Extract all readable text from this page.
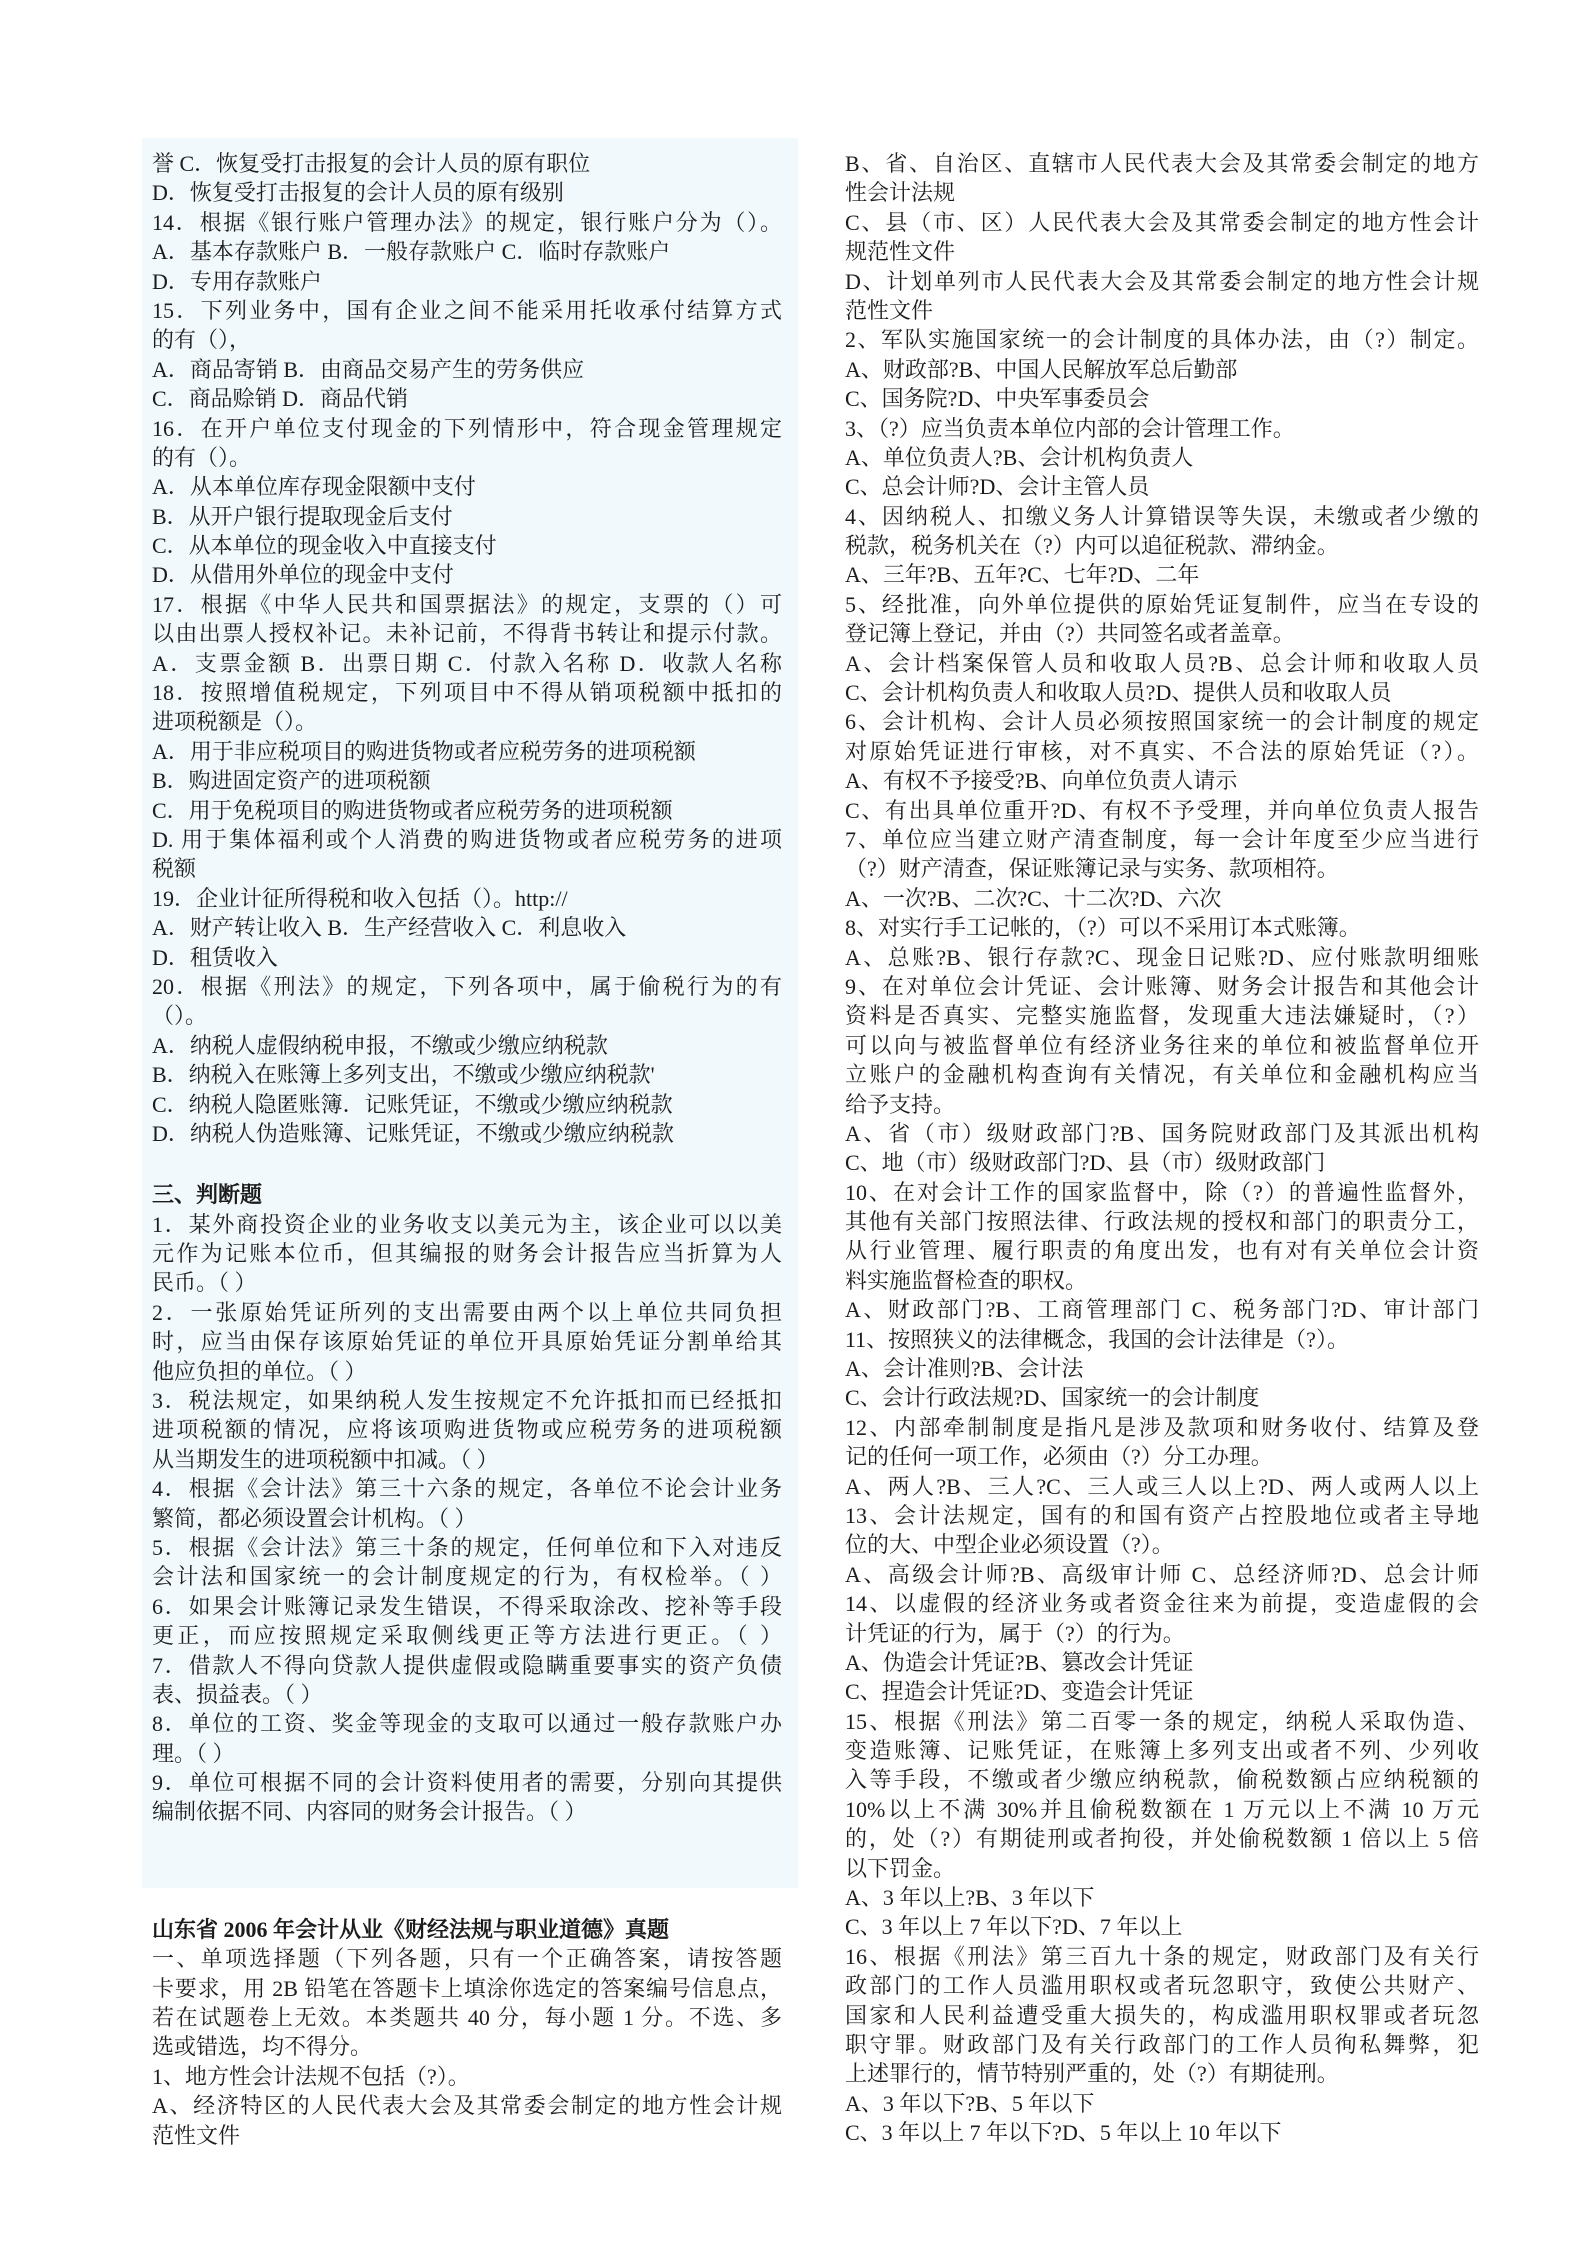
誉 C．恢复受打击报复的会计人员的原有职位
D．恢复受打击报复的会计人员的原有级别
14．根据《银行账户管理办法》的规定，银行账户分为（）。
A．基本存款账户 B．一般存款账户 C．临时存款账户
D．专用存款账户
15．下列业务中，国有企业之间不能采用托收承付结算方式
的有（），
A．商品寄销 B．由商品交易产生的劳务供应
C．商品赊销 D．商品代销
16．在开户单位支付现金的下列情形中，符合现金管理规定
的有（）。
A．从本单位库存现金限额中支付
B．从开户银行提取现金后支付
C．从本单位的现金收入中直接支付
D．从借用外单位的现金中支付
17．根据《中华人民共和国票据法》的规定，支票的（）可
以由出票人授权补记。未补记前，不得背书转让和提示付款。
A．支票金额 B．出票日期 C．付款入名称 D．收款人名称
18．按照增值税规定，下列项目中不得从销项税额中抵扣的
进项税额是（）。
A．用于非应税项目的购进货物或者应税劳务的进项税额
B．购进固定资产的进项税额
C．用于免税项目的购进货物或者应税劳务的进项税额
D. 用于集体福利或个人消费的购进货物或者应税劳务的进项
税额
19．企业计征所得税和收入包括（）。http://
A．财产转让收入 B．生产经营收入 C．利息收入
D．租赁收入
20．根据《刑法》的规定，下列各项中，属于偷税行为的有
（）。
A．纳税人虚假纳税申报，不缴或少缴应纳税款
B．纳税入在账簿上多列支出，不缴或少缴应纳税款'
C．纳税人隐匿账簿．记账凭证，不缴或少缴应纳税款
D．纳税人伪造账簿、记账凭证，不缴或少缴应纳税款
三、判断题
1．某外商投资企业的业务收支以美元为主，该企业可以以美
元作为记账本位币，但其编报的财务会计报告应当折算为人
民币。（ ）
2．一张原始凭证所列的支出需要由两个以上单位共同负担
时，应当由保存该原始凭证的单位开具原始凭证分割单给其
他应负担的单位。（ ）
3．税法规定，如果纳税人发生按规定不允许抵扣而已经抵扣
进项税额的情况，应将该项购进货物或应税劳务的进项税额
从当期发生的进项税额中扣减。（ ）
4．根据《会计法》第三十六条的规定，各单位不论会计业务
繁简，都必须设置会计机构。（ ）
5．根据《会计法》第三十条的规定，任何单位和下入对违反
会计法和国家统一的会计制度规定的行为，有权检举。（ ）
6．如果会计账簿记录发生错误，不得采取涂改、挖补等手段
更正，而应按照规定采取侧线更正等方法进行更正。（ ）
7．借款人不得向贷款人提供虚假或隐瞒重要事实的资产负债
表、损益表。（ ）
8．单位的工资、奖金等现金的支取可以通过一般存款账户办
理。（ ）
9．单位可根据不同的会计资料使用者的需要，分别向其提供
编制依据不同、内容同的财务会计报告。（ ）
山东省 2006 年会计从业《财经法规与职业道德》真题
一、单项选择题（下列各题，只有一个正确答案，请按答题
卡要求，用 2B 铅笔在答题卡上填涂你选定的答案编号信息点，
若在试题卷上无效。本类题共 40 分，每小题 1 分。不选、多
选或错选，均不得分。
1、地方性会计法规不包括（?）。
A、经济特区的人民代表大会及其常委会制定的地方性会计规
范性文件
B、省、自治区、直辖市人民代表大会及其常委会制定的地方
性会计法规
C、县（市、区）人民代表大会及其常委会制定的地方性会计
规范性文件
D、计划单列市人民代表大会及其常委会制定的地方性会计规
范性文件
2、军队实施国家统一的会计制度的具体办法，由（?）制定。
A、财政部?B、中国人民解放军总后勤部
C、国务院?D、中央军事委员会
3、（?）应当负责本单位内部的会计管理工作。
A、单位负责人?B、会计机构负责人
C、总会计师?D、会计主管人员
4、因纳税人、扣缴义务人计算错误等失误，未缴或者少缴的
税款，税务机关在（?）内可以追征税款、滞纳金。
A、三年?B、五年?C、七年?D、二年
5、经批准，向外单位提供的原始凭证复制件，应当在专设的
登记簿上登记，并由（?）共同签名或者盖章。
A、会计档案保管人员和收取人员?B、总会计师和收取人员
C、会计机构负责人和收取人员?D、提供人员和收取人员
6、会计机构、会计人员必须按照国家统一的会计制度的规定
对原始凭证进行审核，对不真实、不合法的原始凭证（?）。
A、有权不予接受?B、向单位负责人请示
C、有出具单位重开?D、有权不予受理，并向单位负责人报告
7、单位应当建立财产清查制度，每一会计年度至少应当进行
（?）财产清查，保证账簿记录与实务、款项相符。
A、一次?B、二次?C、十二次?D、六次
8、对实行手工记帐的，（?）可以不采用订本式账簿。
A、总账?B、银行存款?C、现金日记账?D、应付账款明细账
9、在对单位会计凭证、会计账簿、财务会计报告和其他会计
资料是否真实、完整实施监督，发现重大违法嫌疑时，（?）
可以向与被监督单位有经济业务往来的单位和被监督单位开
立账户的金融机构查询有关情况，有关单位和金融机构应当
给予支持。
A、省（市）级财政部门?B、国务院财政部门及其派出机构
C、地（市）级财政部门?D、县（市）级财政部门
10、在对会计工作的国家监督中，除（?）的普遍性监督外，
其他有关部门按照法律、行政法规的授权和部门的职责分工，
从行业管理、履行职责的角度出发，也有对有关单位会计资
料实施监督检查的职权。
A、财政部门?B、工商管理部门 C、税务部门?D、审计部门
11、按照狭义的法律概念，我国的会计法律是（?）。
A、会计准则?B、会计法
C、会计行政法规?D、国家统一的会计制度
12、内部牵制制度是指凡是涉及款项和财务收付、结算及登
记的任何一项工作，必须由（?）分工办理。
A、两人?B、三人?C、三人或三人以上?D、两人或两人以上
13、会计法规定，国有的和国有资产占控股地位或者主导地
位的大、中型企业必须设置（?）。
A、高级会计师?B、高级审计师 C、总经济师?D、总会计师
14、以虚假的经济业务或者资金往来为前提，变造虚假的会
计凭证的行为，属于（?）的行为。
A、伪造会计凭证?B、篡改会计凭证
C、捏造会计凭证?D、变造会计凭证
15、根据《刑法》第二百零一条的规定，纳税人采取伪造、
变造账簿、记账凭证，在账簿上多列支出或者不列、少列收
入等手段，不缴或者少缴应纳税款，偷税数额占应纳税额的
10%以上不满 30%并且偷税数额在 1 万元以上不满 10 万元
的，处（?）有期徒刑或者拘役，并处偷税数额 1 倍以上 5 倍
以下罚金。
A、3 年以上?B、3 年以下
C、3 年以上 7 年以下?D、7 年以上
16、根据《刑法》第三百九十条的规定，财政部门及有关行
政部门的工作人员滥用职权或者玩忽职守，致使公共财产、
国家和人民利益遭受重大损失的，构成滥用职权罪或者玩忽
职守罪。财政部门及有关行政部门的工作人员徇私舞弊，犯
上述罪行的，情节特别严重的，处（?）有期徒刑。
A、3 年以下?B、5 年以下
C、3 年以上 7 年以下?D、5 年以上 10 年以下
